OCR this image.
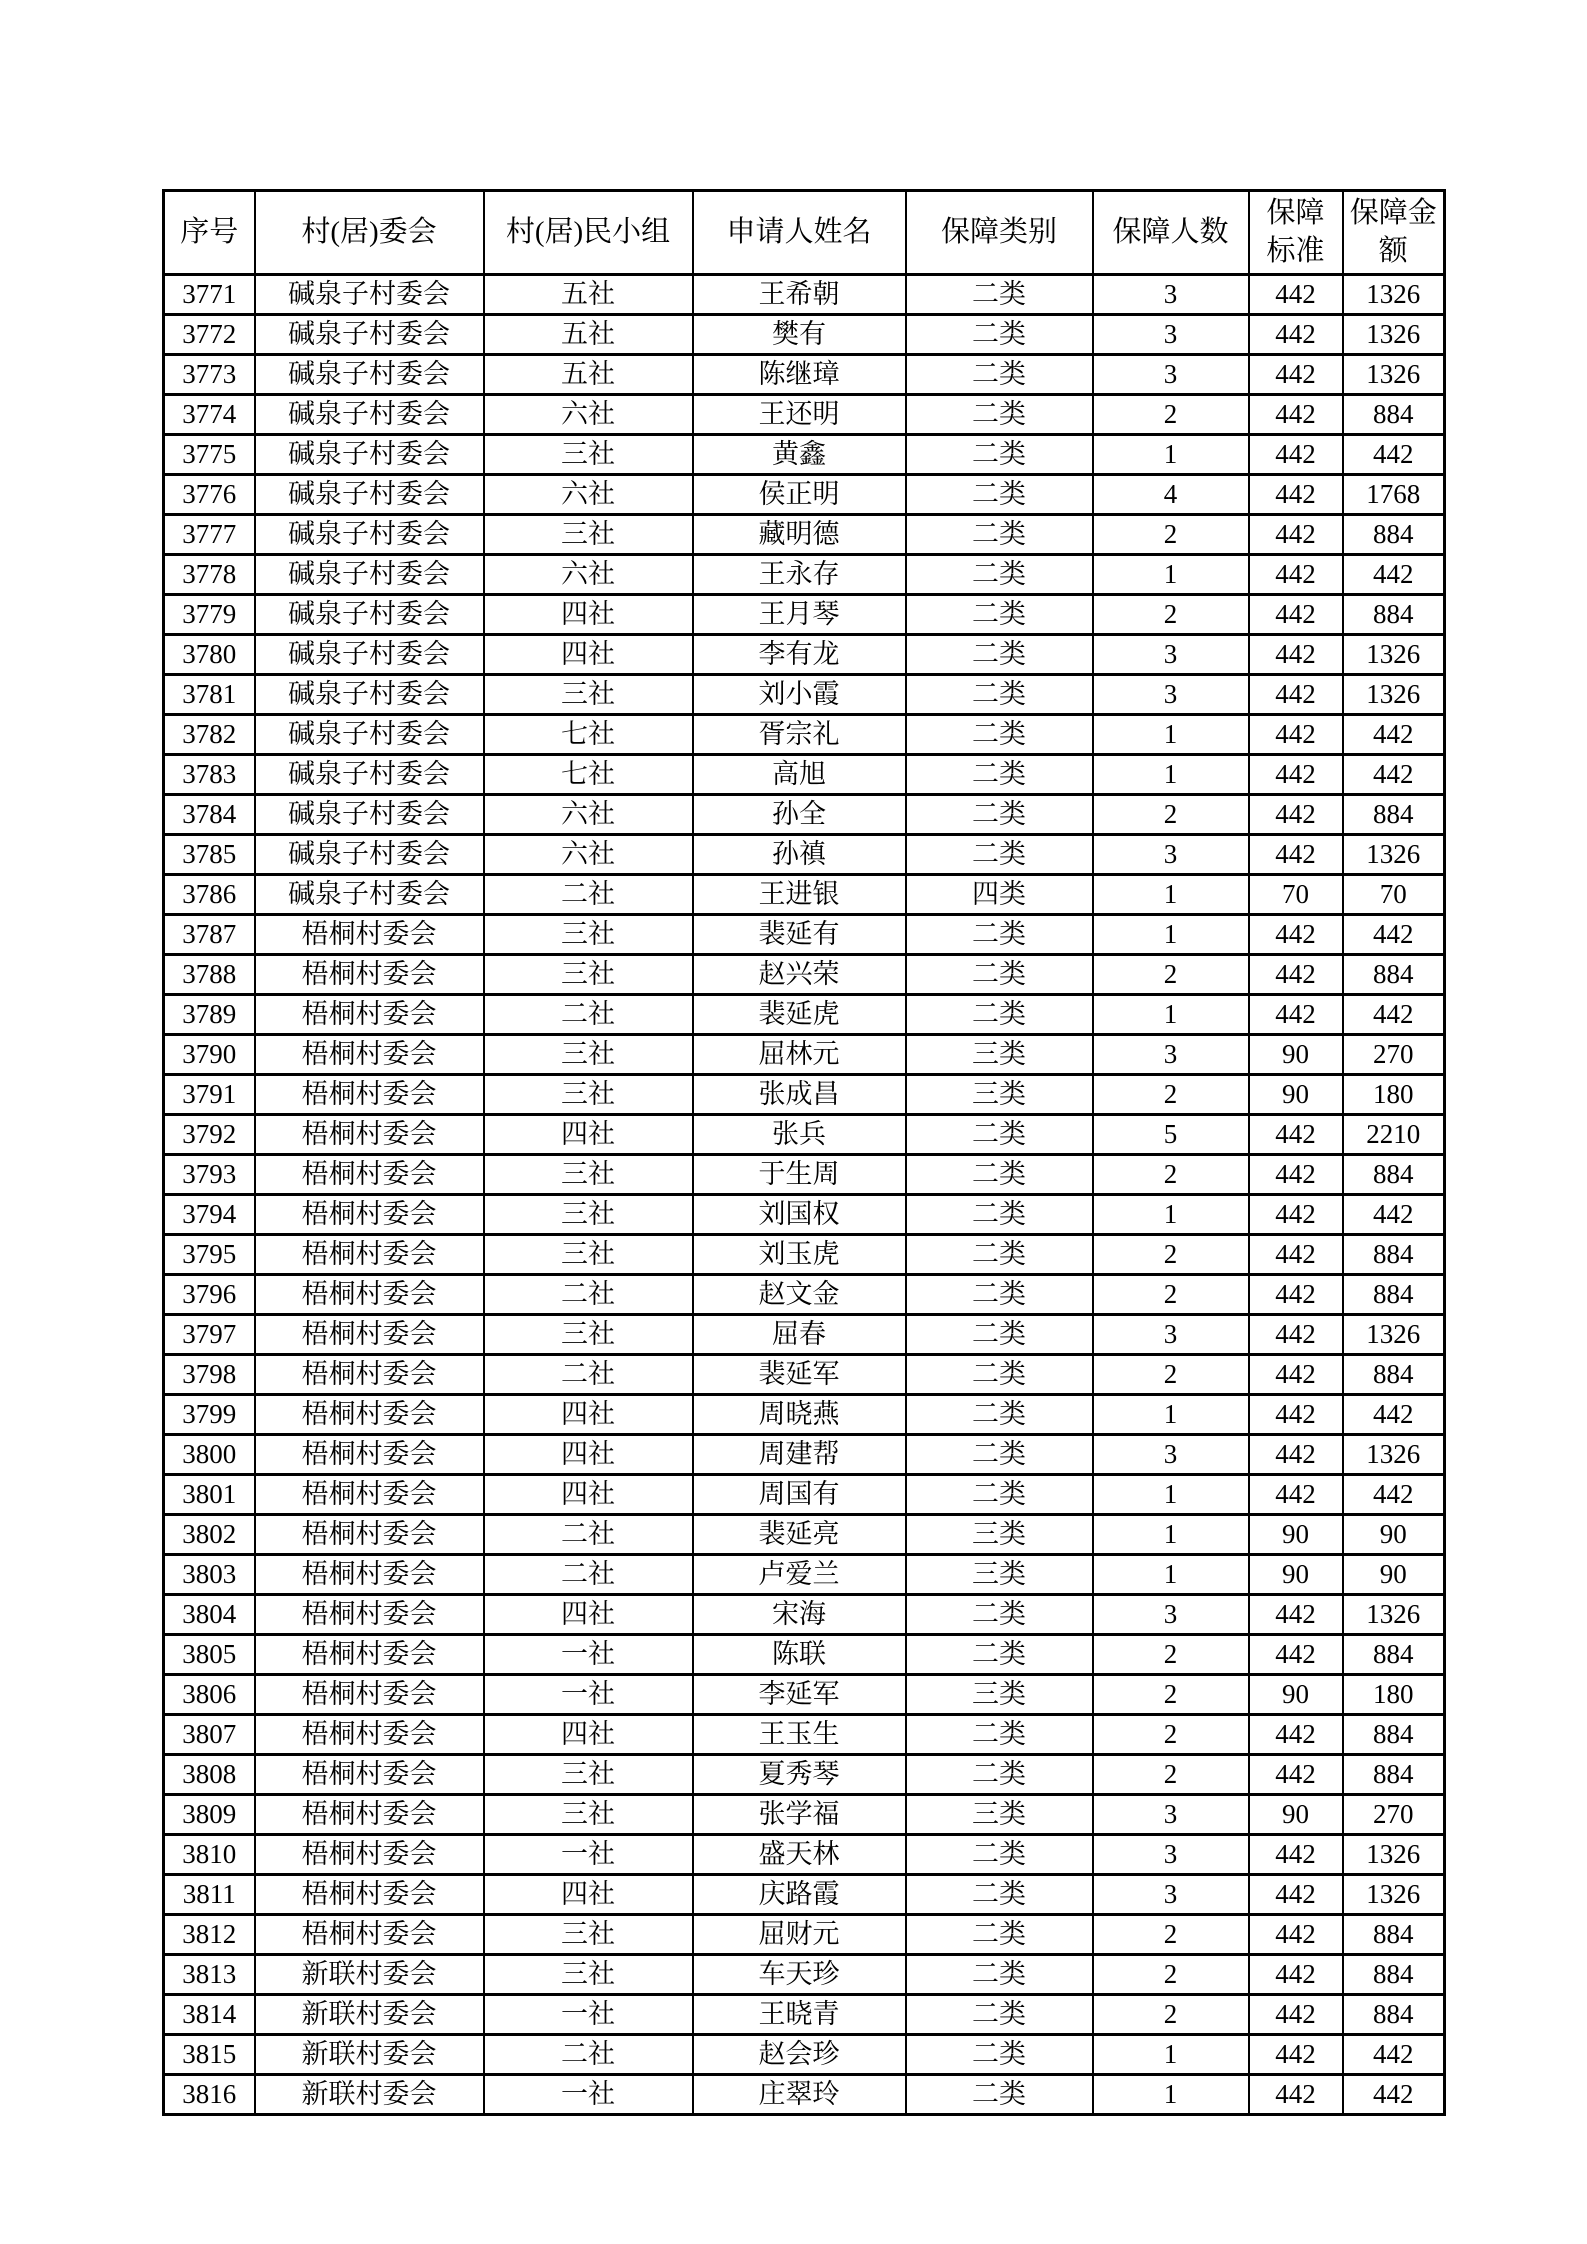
序号	村(居)委会	村(居)民小组	申请人姓名	保障类别	保障人数	保障标准	保障金额
3771	碱泉子村委会	五社	王希朝	二类	3	442	1326
3772	碱泉子村委会	五社	樊有	二类	3	442	1326
3773	碱泉子村委会	五社	陈继璋	二类	3	442	1326
3774	碱泉子村委会	六社	王还明	二类	2	442	884
3775	碱泉子村委会	三社	黄鑫	二类	1	442	442
3776	碱泉子村委会	六社	侯正明	二类	4	442	1768
3777	碱泉子村委会	三社	藏明德	二类	2	442	884
3778	碱泉子村委会	六社	王永存	二类	1	442	442
3779	碱泉子村委会	四社	王月琴	二类	2	442	884
3780	碱泉子村委会	四社	李有龙	二类	3	442	1326
3781	碱泉子村委会	三社	刘小霞	二类	3	442	1326
3782	碱泉子村委会	七社	胥宗礼	二类	1	442	442
3783	碱泉子村委会	七社	高旭	二类	1	442	442
3784	碱泉子村委会	六社	孙全	二类	2	442	884
3785	碱泉子村委会	六社	孙禛	二类	3	442	1326
3786	碱泉子村委会	二社	王进银	四类	1	70	70
3787	梧桐村委会	三社	裴延有	二类	1	442	442
3788	梧桐村委会	三社	赵兴荣	二类	2	442	884
3789	梧桐村委会	二社	裴延虎	二类	1	442	442
3790	梧桐村委会	三社	屈林元	三类	3	90	270
3791	梧桐村委会	三社	张成昌	三类	2	90	180
3792	梧桐村委会	四社	张兵	二类	5	442	2210
3793	梧桐村委会	三社	于生周	二类	2	442	884
3794	梧桐村委会	三社	刘国权	二类	1	442	442
3795	梧桐村委会	三社	刘玉虎	二类	2	442	884
3796	梧桐村委会	二社	赵文金	二类	2	442	884
3797	梧桐村委会	三社	屈春	二类	3	442	1326
3798	梧桐村委会	二社	裴延军	二类	2	442	884
3799	梧桐村委会	四社	周晓燕	二类	1	442	442
3800	梧桐村委会	四社	周建帮	二类	3	442	1326
3801	梧桐村委会	四社	周国有	二类	1	442	442
3802	梧桐村委会	二社	裴延亮	三类	1	90	90
3803	梧桐村委会	二社	卢爱兰	三类	1	90	90
3804	梧桐村委会	四社	宋海	二类	3	442	1326
3805	梧桐村委会	一社	陈联	二类	2	442	884
3806	梧桐村委会	一社	李延军	三类	2	90	180
3807	梧桐村委会	四社	王玉生	二类	2	442	884
3808	梧桐村委会	三社	夏秀琴	二类	2	442	884
3809	梧桐村委会	三社	张学福	三类	3	90	270
3810	梧桐村委会	一社	盛天林	二类	3	442	1326
3811	梧桐村委会	四社	庆路霞	二类	3	442	1326
3812	梧桐村委会	三社	屈财元	二类	2	442	884
3813	新联村委会	三社	车天珍	二类	2	442	884
3814	新联村委会	一社	王晓青	二类	2	442	884
3815	新联村委会	二社	赵会珍	二类	1	442	442
3816	新联村委会	一社	庄翠玲	二类	1	442	442
